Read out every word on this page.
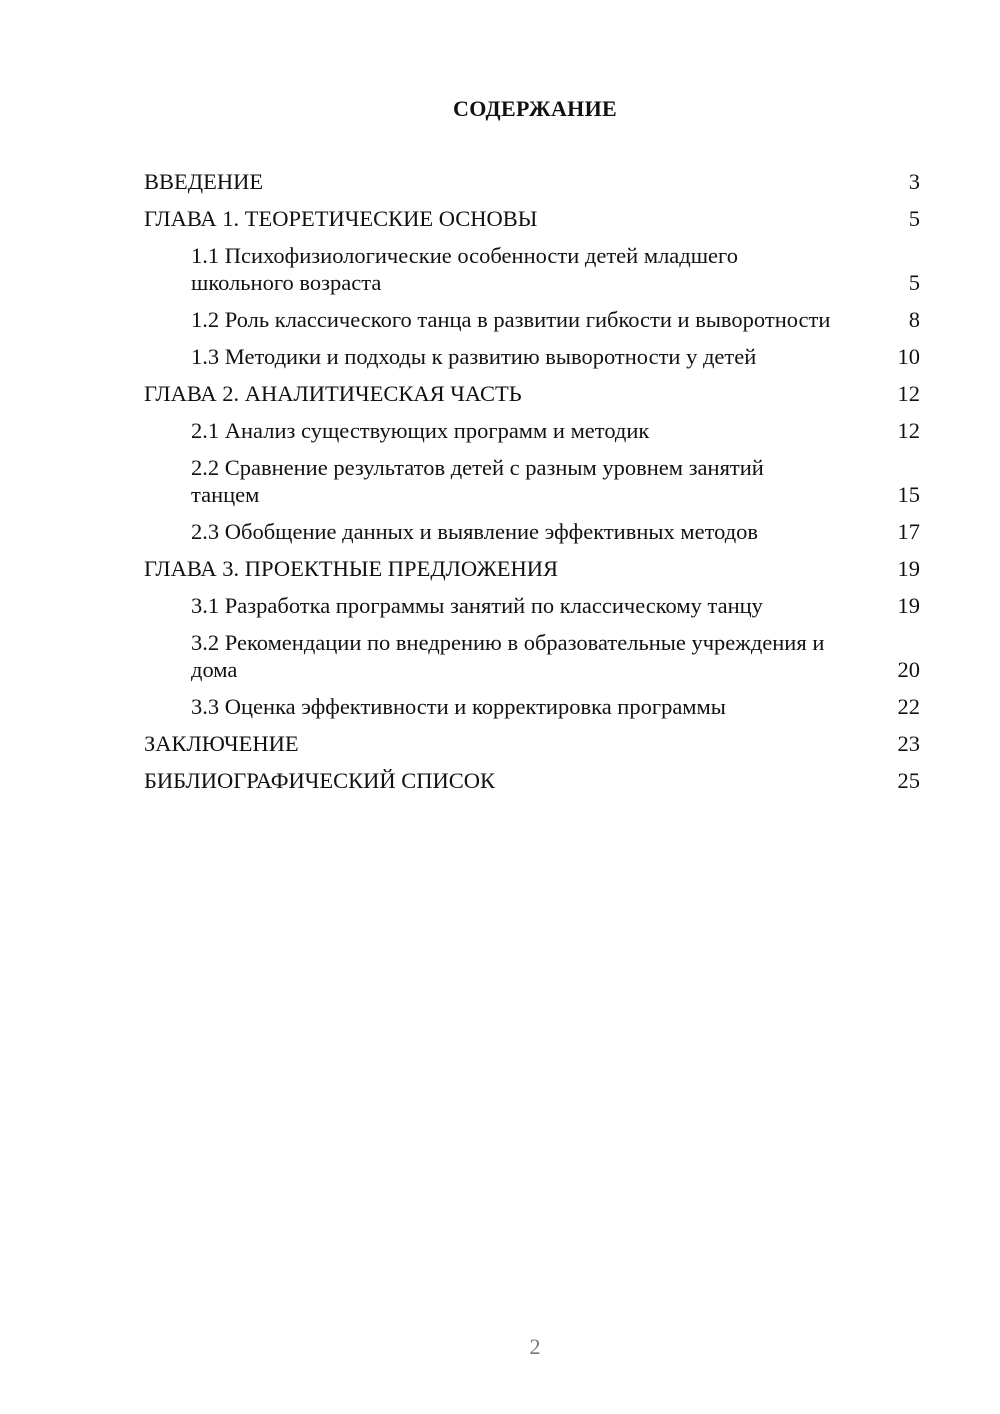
СОДЕРЖАНИЕ
ВВЕДЕНИЕ	3
ГЛАВА 1. ТЕОРЕТИЧЕСКИЕ ОСНОВЫ	5
1.1 Психофизиологические особенности детей младшего школьного возраста	5
1.2 Роль классического танца в развитии гибкости и выворотности	8
1.3 Методики и подходы к развитию выворотности у детей	10
ГЛАВА 2. АНАЛИТИЧЕСКАЯ ЧАСТЬ	12
2.1 Анализ существующих программ и методик	12
2.2 Сравнение результатов детей с разным уровнем занятий танцем	15
2.3 Обобщение данных и выявление эффективных методов	17
ГЛАВА 3. ПРОЕКТНЫЕ ПРЕДЛОЖЕНИЯ	19
3.1 Разработка программы занятий по классическому танцу	19
3.2 Рекомендации по внедрению в образовательные учреждения и дома	20
3.3 Оценка эффективности и корректировка программы	22
ЗАКЛЮЧЕНИЕ	23
БИБЛИОГРАФИЧЕСКИЙ СПИСОК	25
2
